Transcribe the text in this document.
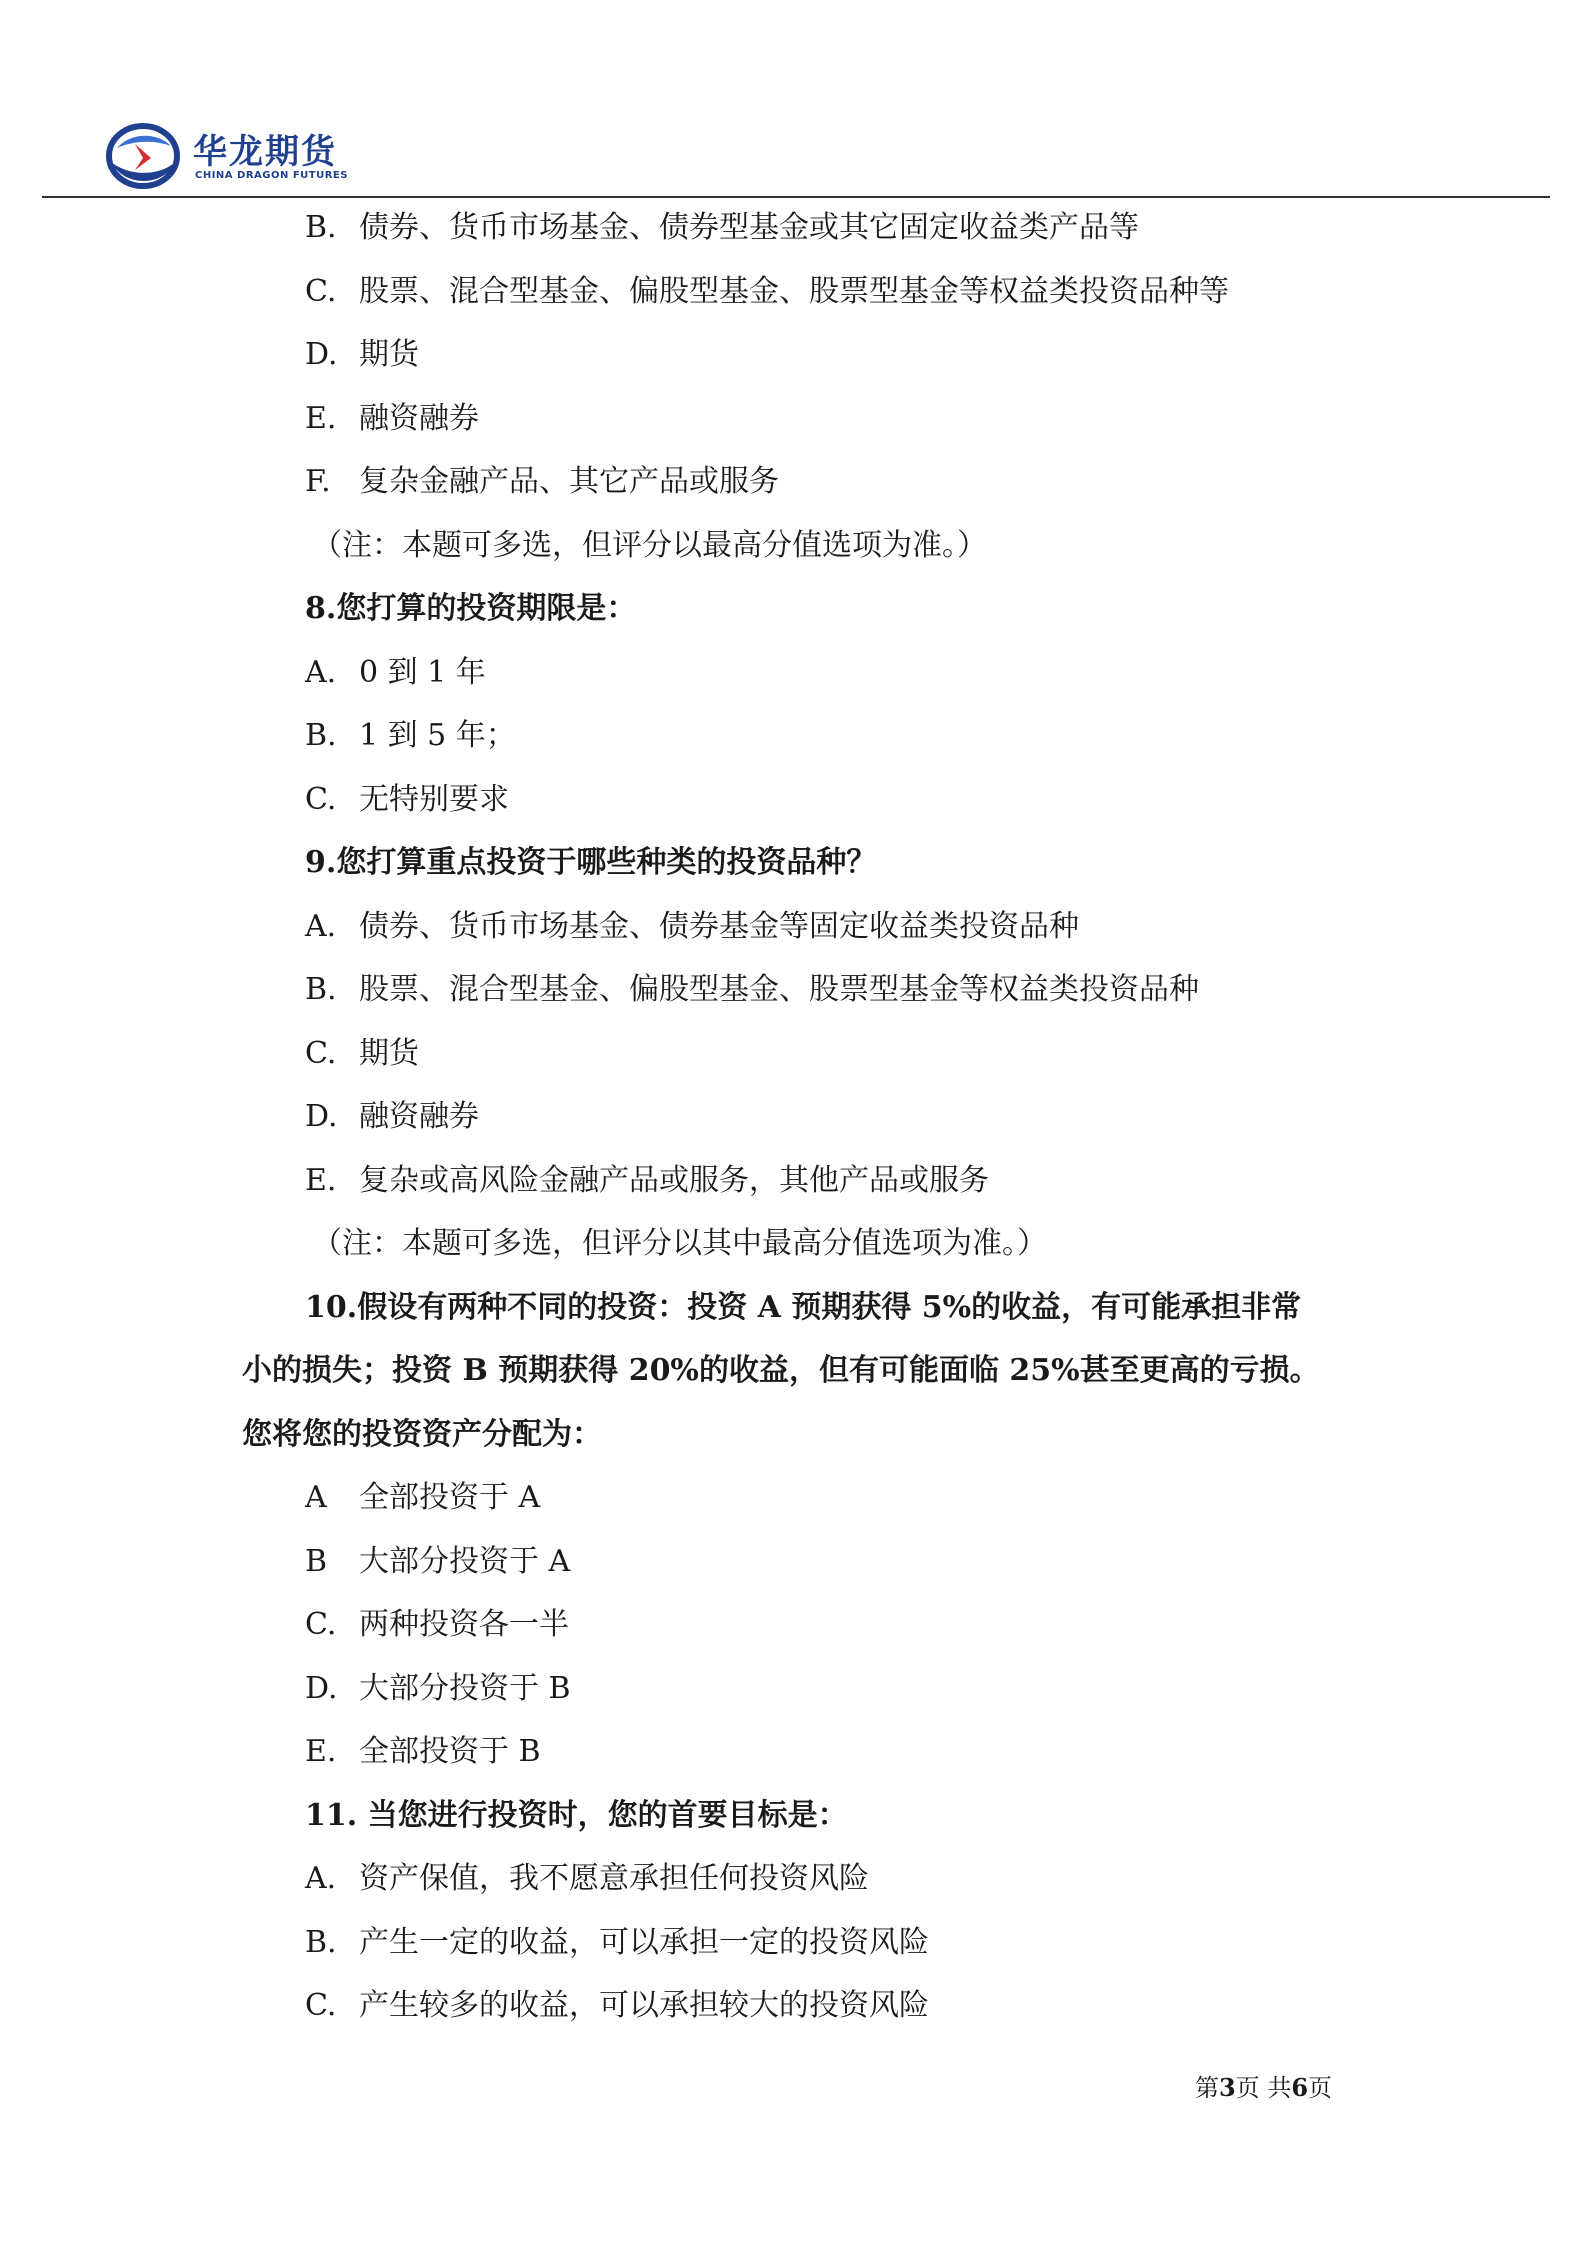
华龙期货
CHINA DRAGON FUTURES
B. 债券、货币市场基金、债券型基金或其它固定收益类产品等
C. 股票、混合型基金、偏股型基金、股票型基金等权益类投资品种等
D. 期货
E. 融资融券
F. 复杂金融产品、其它产品或服务
（注：本题可多选，但评分以最高分值选项为准。）
8.您打算的投资期限是：
A. 0 到 1 年
B. 1 到 5 年；
C. 无特别要求
9.您打算重点投资于哪些种类的投资品种？
A. 债券、货币市场基金、债券基金等固定收益类投资品种
B. 股票、混合型基金、偏股型基金、股票型基金等权益类投资品种
C. 期货
D. 融资融券
E. 复杂或高风险金融产品或服务，其他产品或服务
（注：本题可多选，但评分以其中最高分值选项为准。）
10.假设有两种不同的投资：投资 A 预期获得 5%的收益，有可能承担非常
小的损失；投资 B 预期获得 20%的收益，但有可能面临 25%甚至更高的亏损。
您将您的投资资产分配为：
A 全部投资于 A
B 大部分投资于 A
C. 两种投资各一半
D. 大部分投资于 B
E. 全部投资于 B
11. 当您进行投资时，您的首要目标是：
A. 资产保值，我不愿意承担任何投资风险
B. 产生一定的收益，可以承担一定的投资风险
C. 产生较多的收益，可以承担较大的投资风险
第3页 共6页
